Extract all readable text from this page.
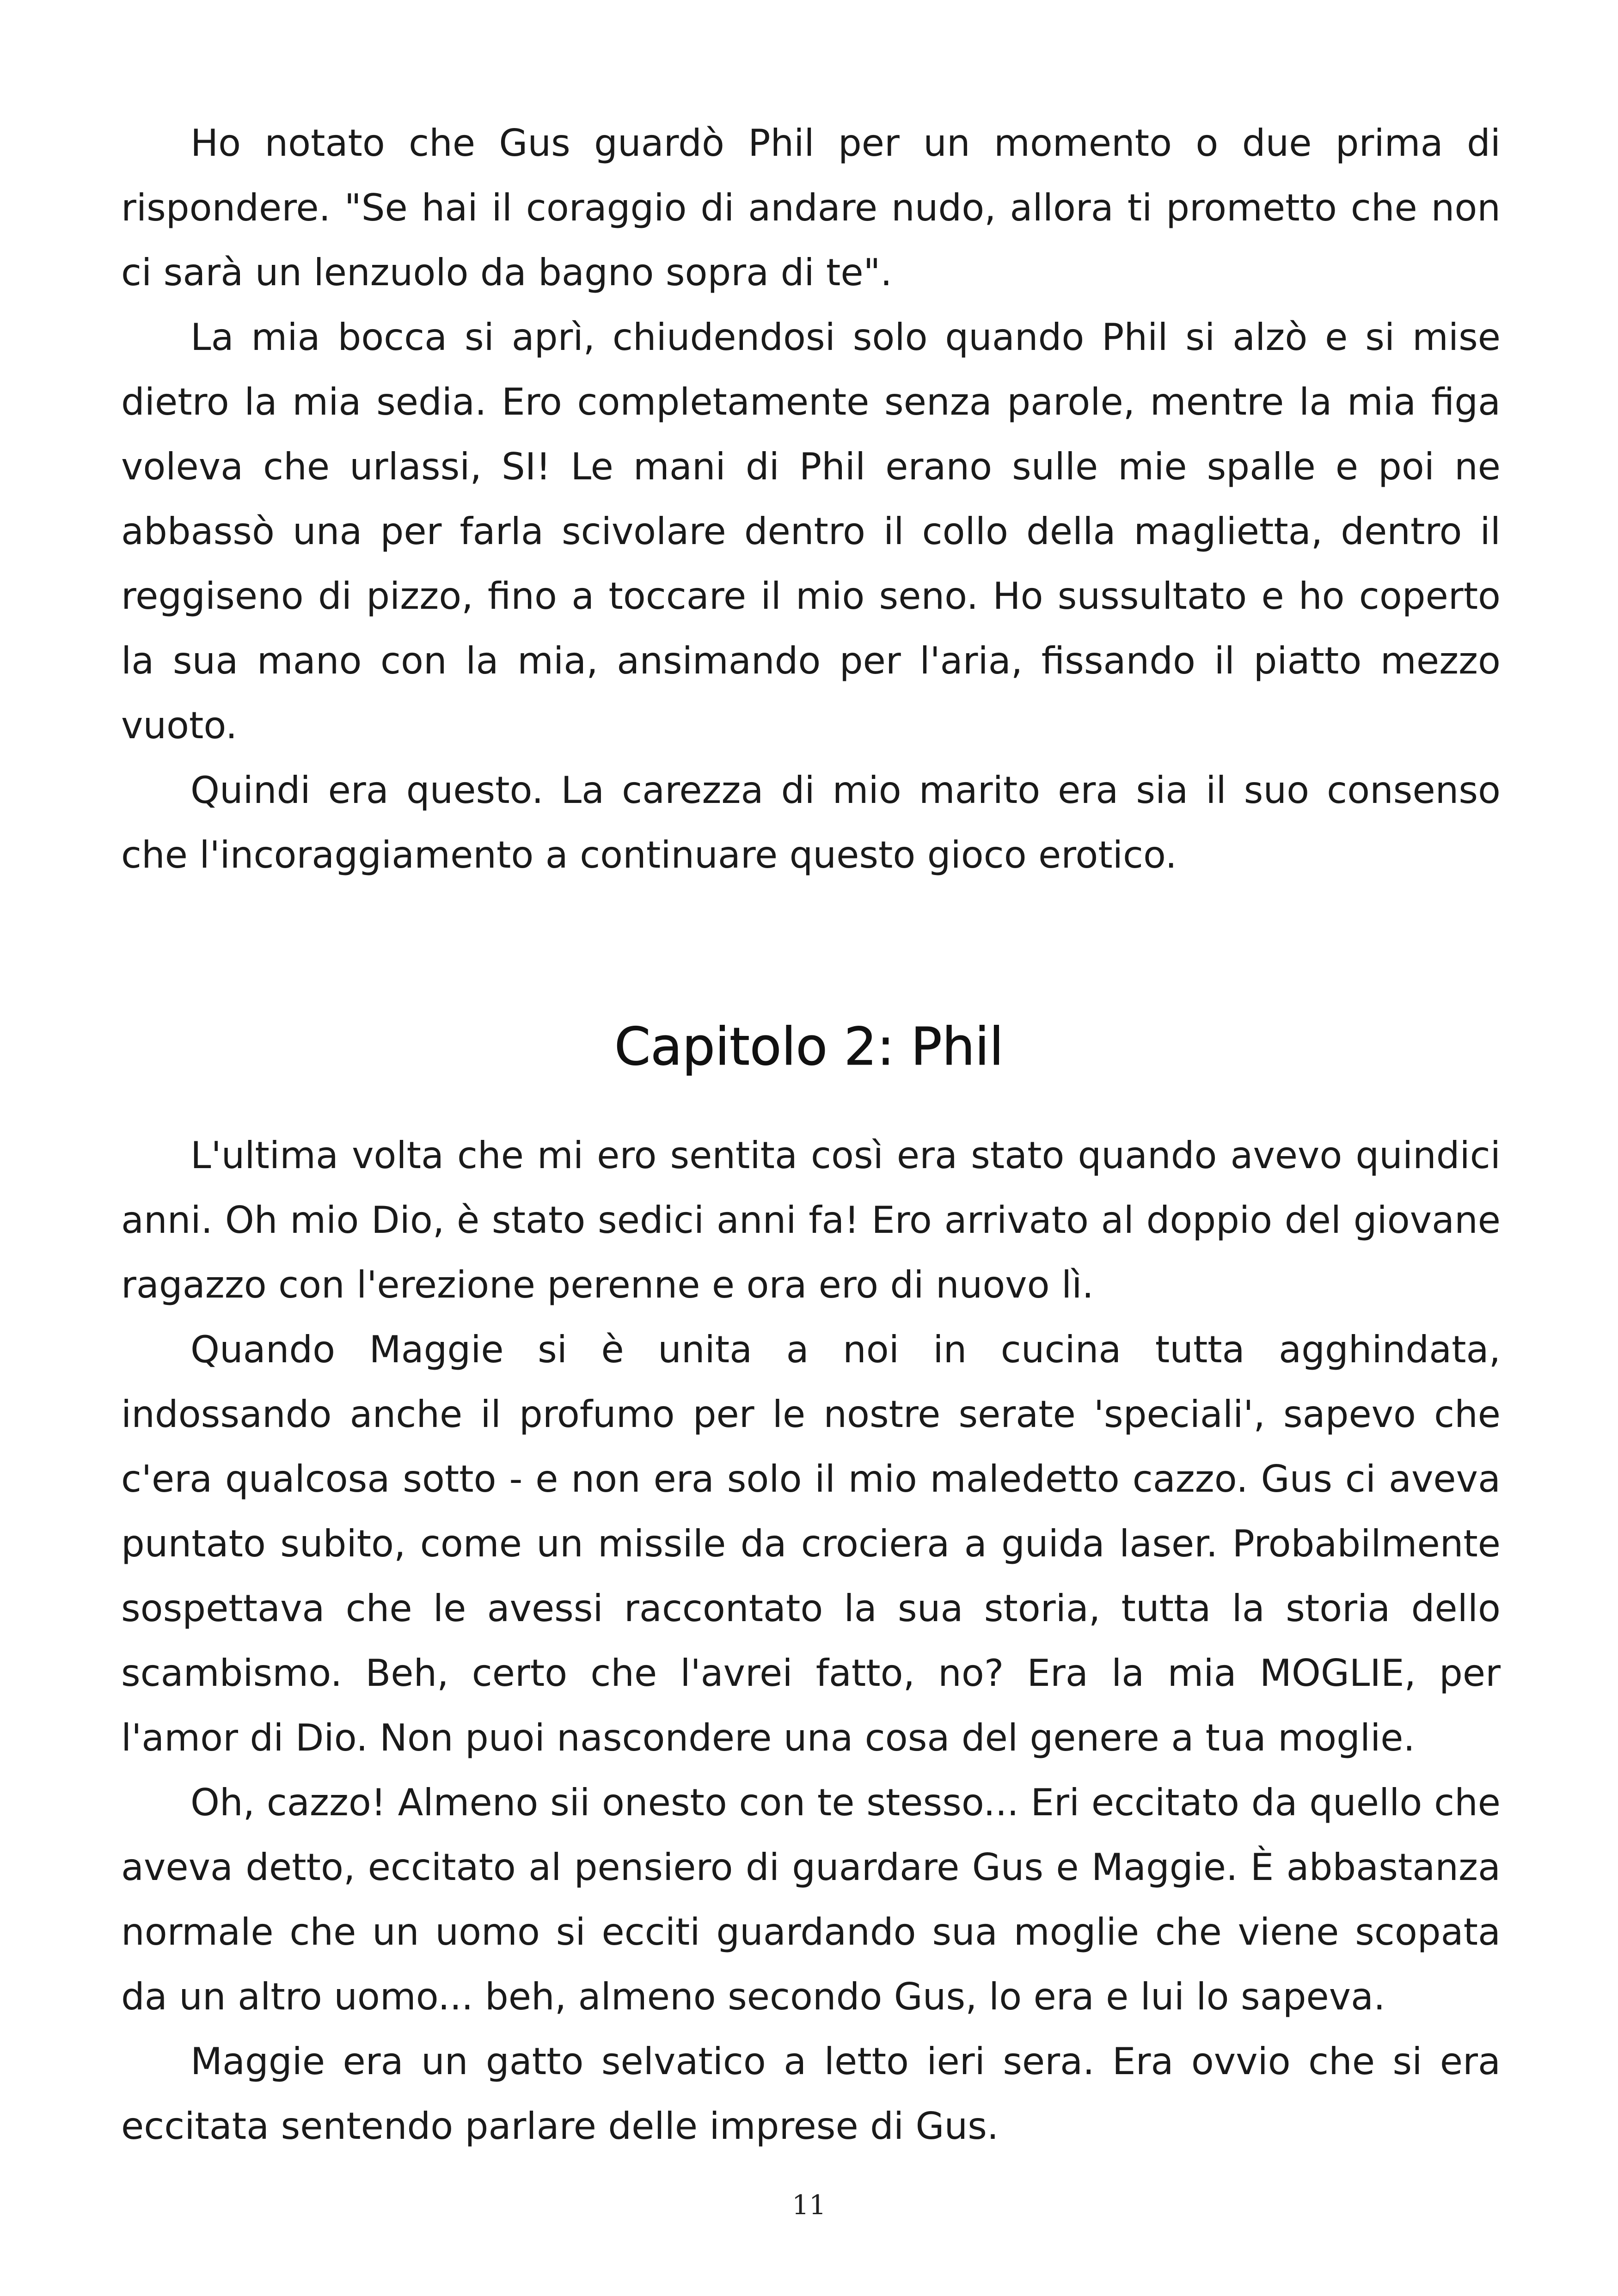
Ho notato che Gus guardò Phil per un momento o due prima di rispondere. "Se hai il coraggio di andare nudo, allora ti prometto che non ci sarà un lenzuolo da bagno sopra di te".

La mia bocca si aprì, chiudendosi solo quando Phil si alzò e si mise dietro la mia sedia. Ero completamente senza parole, mentre la mia figa voleva che urlassi, SI! Le mani di Phil erano sulle mie spalle e poi ne abbassò una per farla scivolare dentro il collo della maglietta, dentro il reggiseno di pizzo, fino a toccare il mio seno. Ho sussultato e ho coperto la sua mano con la mia, ansimando per l'aria, fissando il piatto mezzo vuoto.

Quindi era questo. La carezza di mio marito era sia il suo consenso che l'incoraggiamento a continuare questo gioco erotico.

Capitolo 2: Phil

L'ultima volta che mi ero sentita così era stato quando avevo quindici anni. Oh mio Dio, è stato sedici anni fa! Ero arrivato al doppio del giovane ragazzo con l'erezione perenne e ora ero di nuovo lì.

Quando Maggie si è unita a noi in cucina tutta agghindata, indossando anche il profumo per le nostre serate 'speciali', sapevo che c'era qualcosa sotto - e non era solo il mio maledetto cazzo. Gus ci aveva puntato subito, come un missile da crociera a guida laser. Probabilmente sospettava che le avessi raccontato la sua storia, tutta la storia dello scambismo. Beh, certo che l'avrei fatto, no? Era la mia MOGLIE, per l'amor di Dio. Non puoi nascondere una cosa del genere a tua moglie.

Oh, cazzo! Almeno sii onesto con te stesso... Eri eccitato da quello che aveva detto, eccitato al pensiero di guardare Gus e Maggie. È abbastanza normale che un uomo si ecciti guardando sua moglie che viene scopata da un altro uomo... beh, almeno secondo Gus, lo era e lui lo sapeva.

Maggie era un gatto selvatico a letto ieri sera. Era ovvio che si era eccitata sentendo parlare delle imprese di Gus.

11
